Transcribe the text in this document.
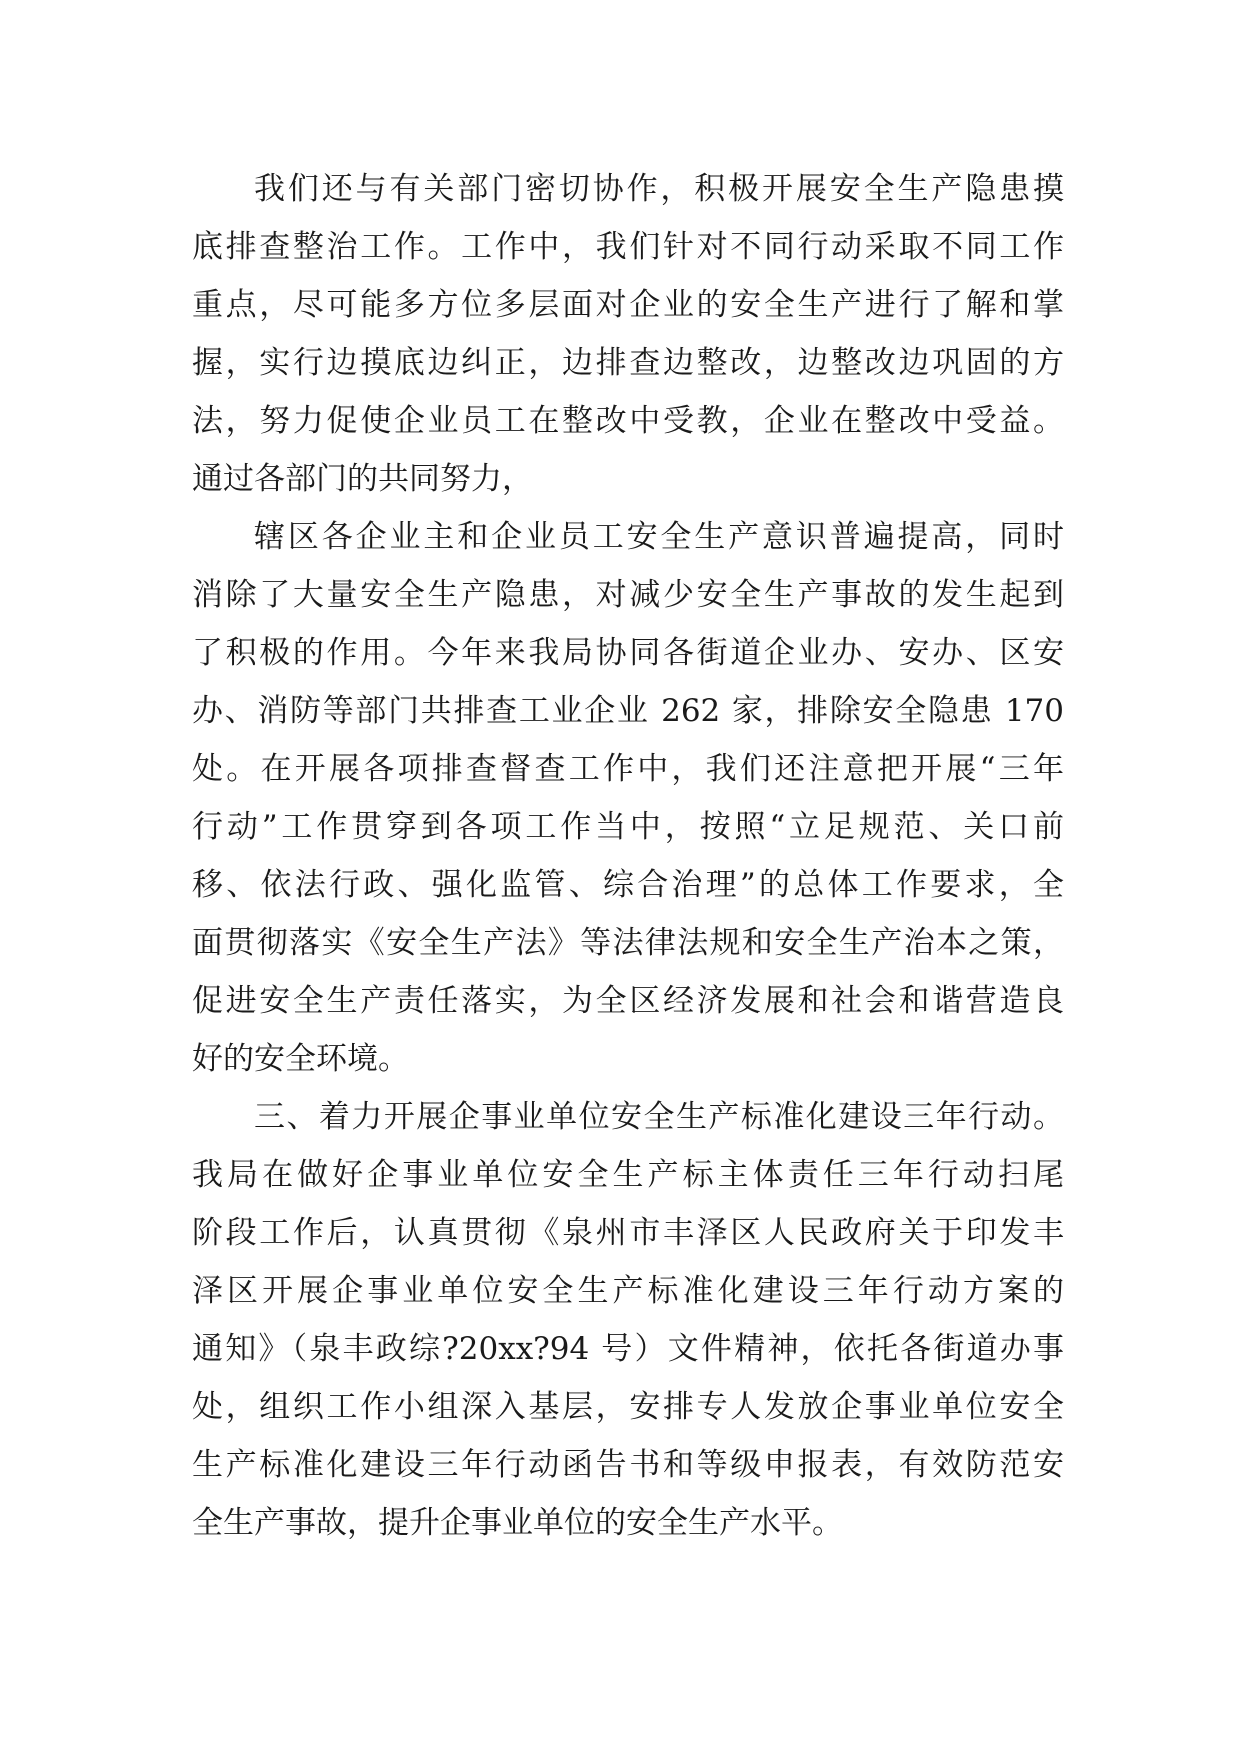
我们还与有关部门密切协作，积极开展安全生产隐患摸
底排查整治工作。工作中，我们针对不同行动采取不同工作
重点，尽可能多方位多层面对企业的安全生产进行了解和掌
握，实行边摸底边纠正，边排查边整改，边整改边巩固的方
法，努力促使企业员工在整改中受教，企业在整改中受益。
通过各部门的共同努力，
辖区各企业主和企业员工安全生产意识普遍提高，同时
消除了大量安全生产隐患，对减少安全生产事故的发生起到
了积极的作用。今年来我局协同各街道企业办、安办、区安
办、消防等部门共排查工业企业 262 家，排除安全隐患 170
处。在开展各项排查督查工作中，我们还注意把开展“三年
行动”工作贯穿到各项工作当中，按照“立足规范、关口前
移、依法行政、强化监管、综合治理”的总体工作要求，全
面贯彻落实《安全生产法》等法律法规和安全生产治本之策，
促进安全生产责任落实，为全区经济发展和社会和谐营造良
好的安全环境。
三、着力开展企事业单位安全生产标准化建设三年行动。
我局在做好企事业单位安全生产标主体责任三年行动扫尾
阶段工作后，认真贯彻《泉州市丰泽区人民政府关于印发丰
泽区开展企事业单位安全生产标准化建设三年行动方案的
通知》（泉丰政综?20xx?94 号）文件精神，依托各街道办事
处，组织工作小组深入基层，安排专人发放企事业单位安全
生产标准化建设三年行动函告书和等级申报表，有效防范安
全生产事故，提升企事业单位的安全生产水平。
